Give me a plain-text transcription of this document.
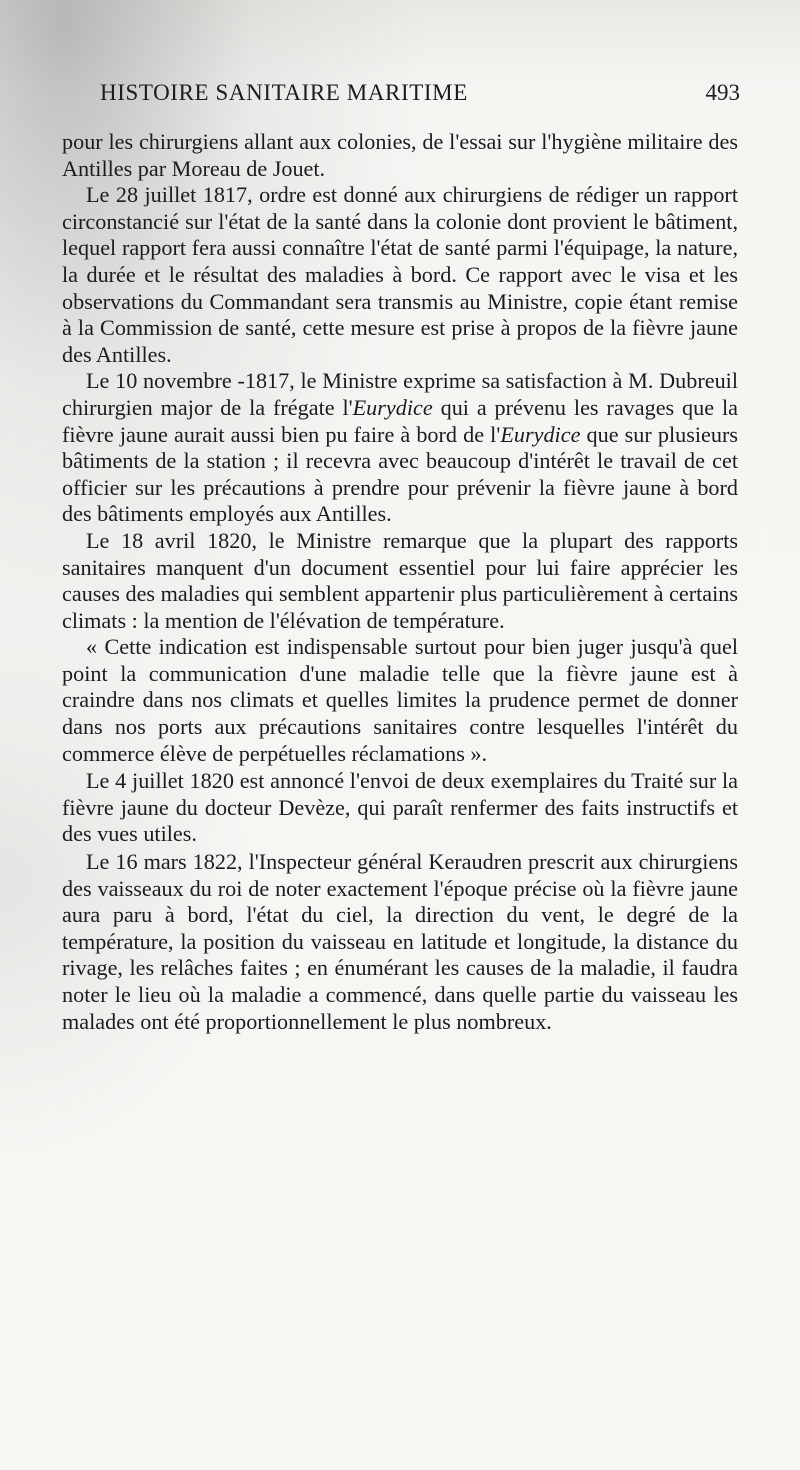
HISTOIRE SANITAIRE MARITIME	493

pour les chirurgiens allant aux colonies, de l'essai sur l'hygiène militaire des Antilles par Moreau de Jouet.

Le 28 juillet 1817, ordre est donné aux chirurgiens de rédiger un rapport circonstancié sur l'état de la santé dans la colonie dont provient le bâtiment, lequel rapport fera aussi connaître l'état de santé parmi l'équipage, la nature, la durée et le résultat des maladies à bord. Ce rapport avec le visa et les observations du Commandant sera transmis au Ministre, copie étant remise à la Commission de santé, cette mesure est prise à propos de la fièvre jaune des Antilles.

Le 10 novembre -1817, le Ministre exprime sa satisfaction à M. Dubreuil chirurgien major de la frégate l'Eurydice qui a prévenu les ravages que la fièvre jaune aurait aussi bien pu faire à bord de l'Eurydice que sur plusieurs bâtiments de la station ; il recevra avec beaucoup d'intérêt le travail de cet officier sur les précautions à prendre pour prévenir la fièvre jaune à bord des bâtiments employés aux Antilles.

Le 18 avril 1820, le Ministre remarque que la plupart des rapports sanitaires manquent d'un document essentiel pour lui faire apprécier les causes des maladies qui semblent appartenir plus particulièrement à certains climats : la mention de l'élévation de température.

« Cette indication est indispensable surtout pour bien juger jusqu'à quel point la communication d'une maladie telle que la fièvre jaune est à craindre dans nos climats et quelles limites la prudence permet de donner dans nos ports aux précautions sanitaires contre lesquelles l'intérêt du commerce élève de perpétuelles réclamations ».

Le 4 juillet 1820 est annoncé l'envoi de deux exemplaires du Traité sur la fièvre jaune du docteur Devèze, qui paraît renfermer des faits instructifs et des vues utiles.

Le 16 mars 1822, l'Inspecteur général Keraudren prescrit aux chirurgiens des vaisseaux du roi de noter exactement l'époque précise où la fièvre jaune aura paru à bord, l'état du ciel, la direction du vent, le degré de la température, la position du vaisseau en latitude et longitude, la distance du rivage, les relâches faites ; en énumérant les causes de la maladie, il faudra noter le lieu où la maladie a commencé, dans quelle partie du vaisseau les malades ont été proportionnellement le plus nombreux.
